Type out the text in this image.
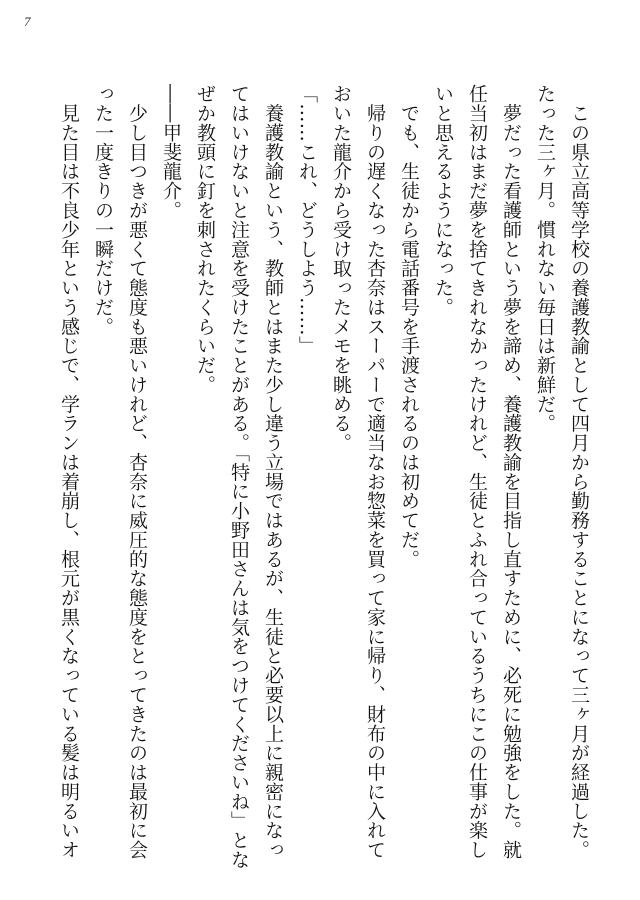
7
　この県立高等学校の養護教諭として四月から勤務することになって三ヶ月が経過した。
たった三ヶ月。慣れない毎日は新鮮だ。
　夢だった看護師という夢を諦め、養護教諭を目指し直すために、必死に勉強をした。就
任当初はまだ夢を捨てきれなかったけれど、生徒とふれ合っているうちにこの仕事が楽し
いと思えるようになった。
　でも、生徒から電話番号を手渡されるのは初めてだ。
　帰りの遅くなった杏奈はスーパーで適当なお惣菜を買って家に帰り、財布の中に入れて
おいた龍介から受け取ったメモを眺める。
「……これ、どうしよう……」
　養護教諭という、教師とはまた少し違う立場ではあるが、生徒と必要以上に親密になっ
てはいけないと注意を受けたことがある。「特に小野田さんは気をつけてくださいね」とな
ぜか教頭に釘を刺されたくらいだ。
――甲斐龍介。
　少し目つきが悪くて態度も悪いけれど、杏奈に威圧的な態度をとってきたのは最初に会
った一度きりの一瞬だけだ。
　見た目は不良少年という感じで、学ランは着崩し、根元が黒くなっている髪は明るいオ
